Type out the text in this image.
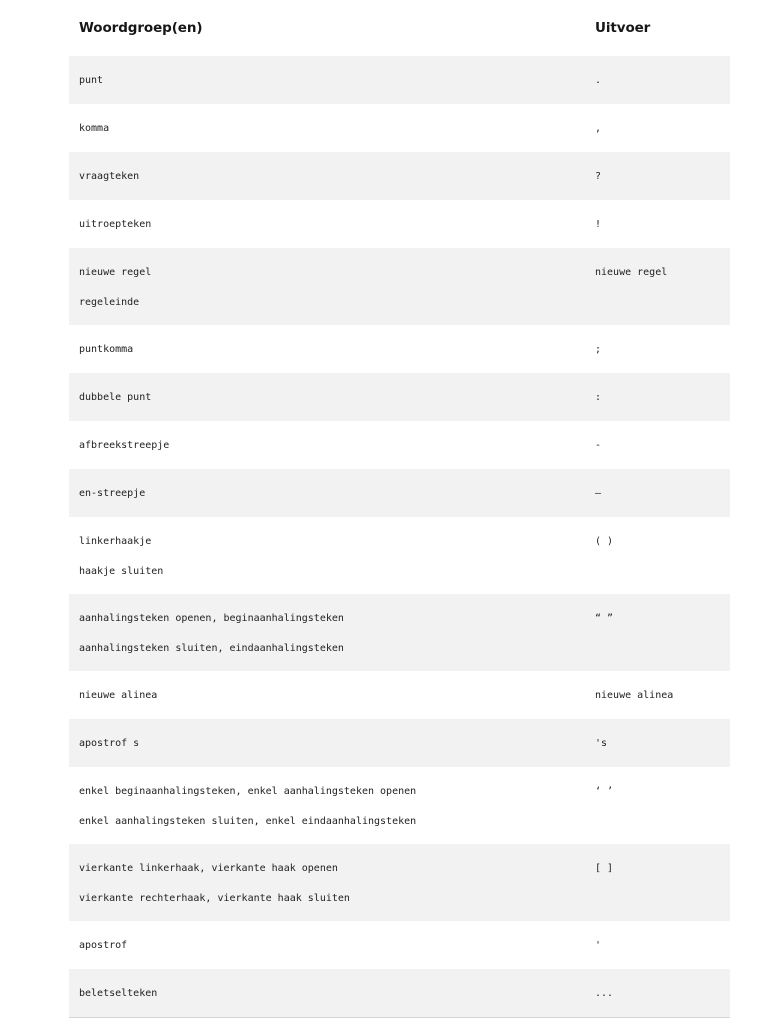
Woordgroep(en)	Uitvoer

punt	.

komma	,

vraagteken	?

uitroepteken	!

nieuwe regel
regeleinde	nieuwe regel

puntkomma	;

dubbele punt	:

afbreekstreepje	-

en-streepje	–

linkerhaakje
haakje sluiten	( )

aanhalingsteken openen, beginaanhalingsteken
aanhalingsteken sluiten, eindaanhalingsteken	“ ”

nieuwe alinea	nieuwe alinea

apostrof s	's

enkel beginaanhalingsteken, enkel aanhalingsteken openen
enkel aanhalingsteken sluiten, enkel eindaanhalingsteken	‘ ’

vierkante linkerhaak, vierkante haak openen
vierkante rechterhaak, vierkante haak sluiten	[ ]

apostrof	'

beletselteken	...
